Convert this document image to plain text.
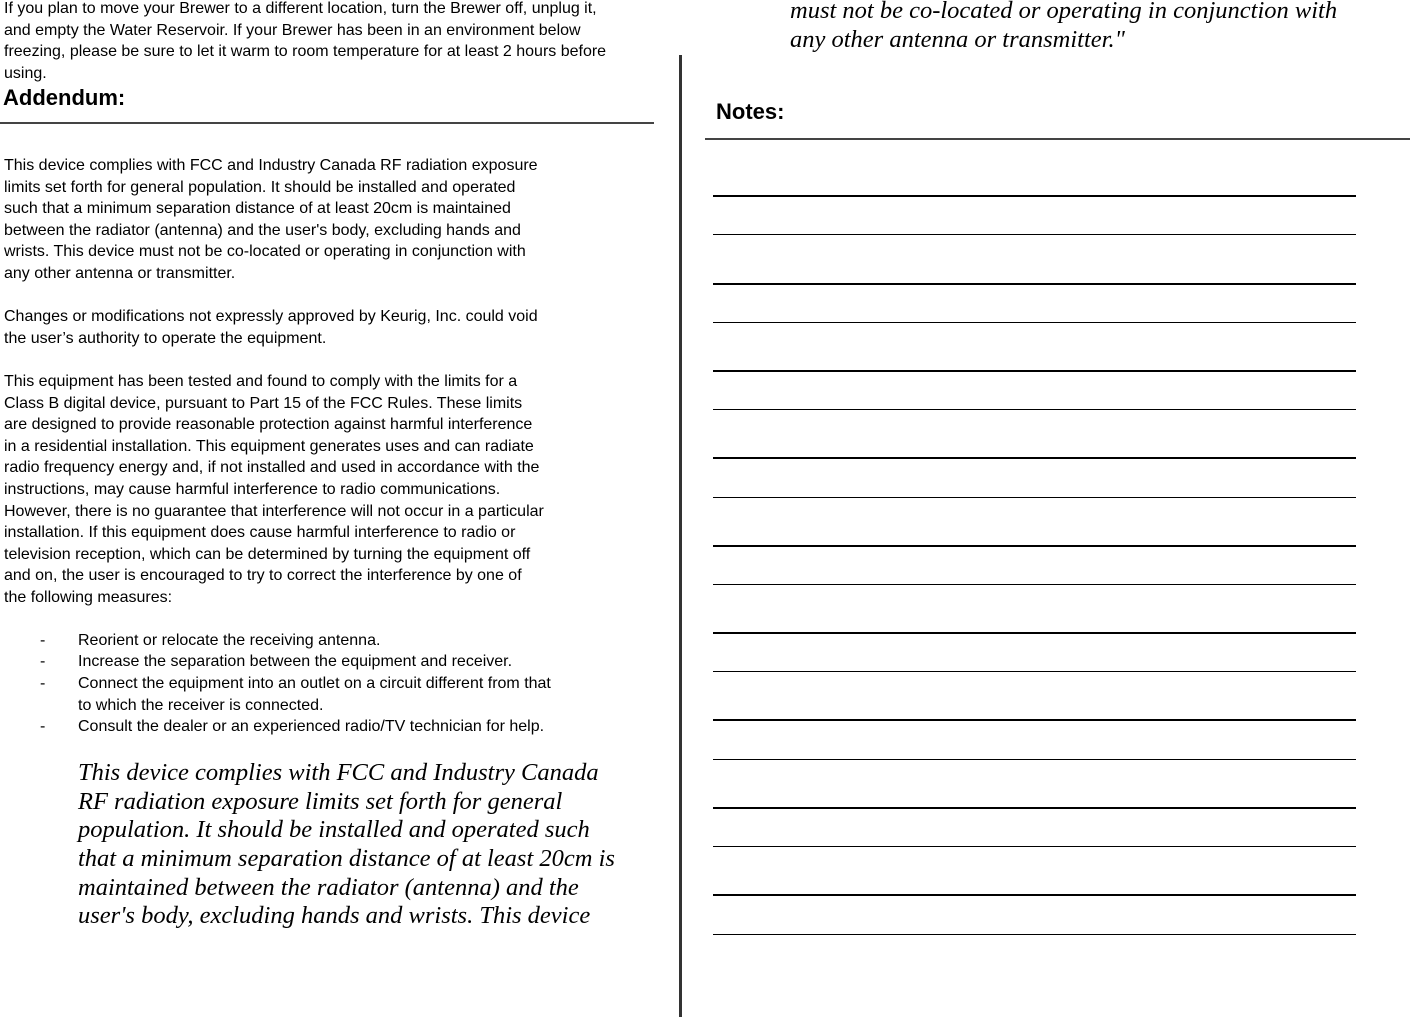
If you plan to move your Brewer to a different location, turn the Brewer off, unplug it,
and empty the Water Reservoir. If your Brewer has been in an environment below
freezing, please be sure to let it warm to room temperature for at least 2 hours before
using.
Addendum:
This device complies with FCC and Industry Canada RF radiation exposure
limits set forth for general population. It should be installed and operated
such that a minimum separation distance of at least 20cm is maintained
between the radiator (antenna) and the user's body, excluding hands and
wrists. This device must not be co-located or operating in conjunction with
any other antenna or transmitter.
Changes or modifications not expressly approved by Keurig, Inc. could void
the user’s authority to operate the equipment.
This equipment has been tested and found to comply with the limits for a
Class B digital device, pursuant to Part 15 of the FCC Rules. These limits
are designed to provide reasonable protection against harmful interference
in a residential installation. This equipment generates uses and can radiate
radio frequency energy and, if not installed and used in accordance with the
instructions, may cause harmful interference to radio communications.
However, there is no guarantee that interference will not occur in a particular
installation. If this equipment does cause harmful interference to radio or
television reception, which can be determined by turning the equipment off
and on, the user is encouraged to try to correct the interference by one of
the following measures:
- Reorient or relocate the receiving antenna.
- Increase the separation between the equipment and receiver.
- Connect the equipment into an outlet on a circuit different from that
to which the receiver is connected.
- Consult the dealer or an experienced radio/TV technician for help.
This device complies with FCC and Industry Canada
RF radiation exposure limits set forth for general
population. It should be installed and operated such
that a minimum separation distance of at least 20cm is
maintained between the radiator (antenna) and the
user's body, excluding hands and wrists. This device
must not be co-located or operating in conjunction with
any other antenna or transmitter."
Notes:
